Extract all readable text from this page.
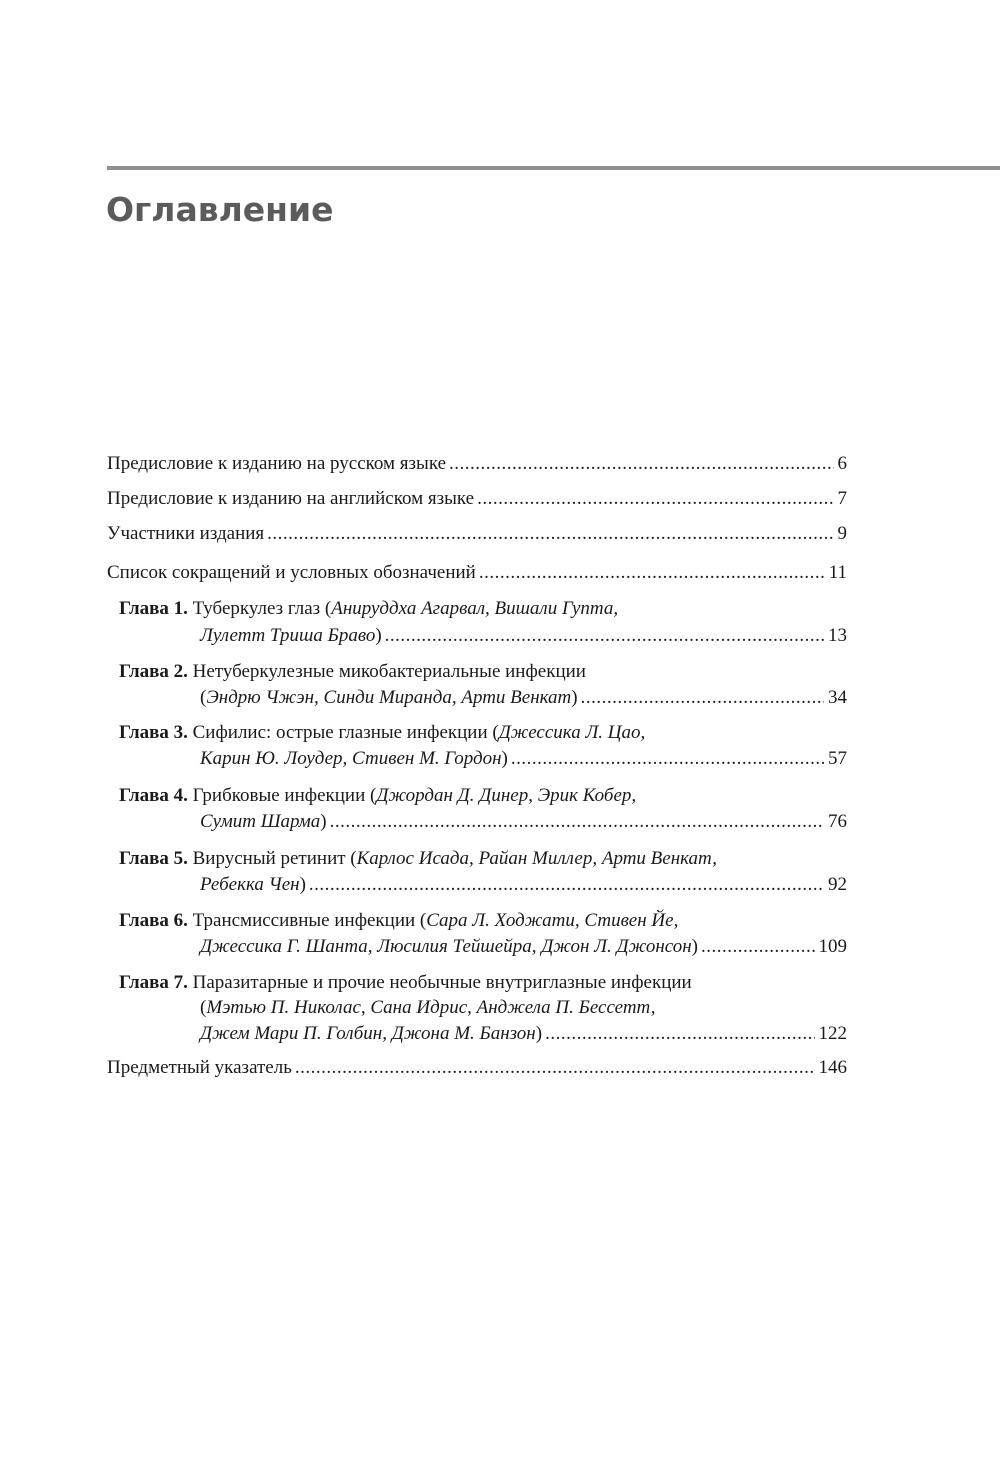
Оглавление
Предисловие к изданию на русском языке .....	6
Предисловие к изданию на английском языке .....	7
Участники издания .....	9
Список сокращений и условных обозначений .....	11
Глава 1. Туберкулез глаз (Анируддха Агарвал, Вишали Гупта,
Лулетт Триша Браво) .....	13
Глава 2. Нетуберкулезные микобактериальные инфекции
(Эндрю Чжэн, Синди Миранда, Арти Венкат) .....	34
Глава 3. Сифилис: острые глазные инфекции (Джессика Л. Цао,
Карин Ю. Лоудер, Стивен М. Гордон) .....	57
Глава 4. Грибковые инфекции (Джордан Д. Динер, Эрик Кобер,
Сумит Шарма) .....	76
Глава 5. Вирусный ретинит (Карлос Исада, Райан Миллер, Арти Венкат,
Ребекка Чен) .....	92
Глава 6. Трансмиссивные инфекции (Сара Л. Ходжати, Стивен Йе,
Джессика Г. Шанта, Люсилия Тейшейра, Джон Л. Джонсон) .....	109
Глава 7. Паразитарные и прочие необычные внутриглазные инфекции
(Мэтью П. Николас, Сана Идрис, Анджела П. Бессетт,
Джем Мари П. Голбин, Джона М. Банзон) .....	122
Предметный указатель .....	146
